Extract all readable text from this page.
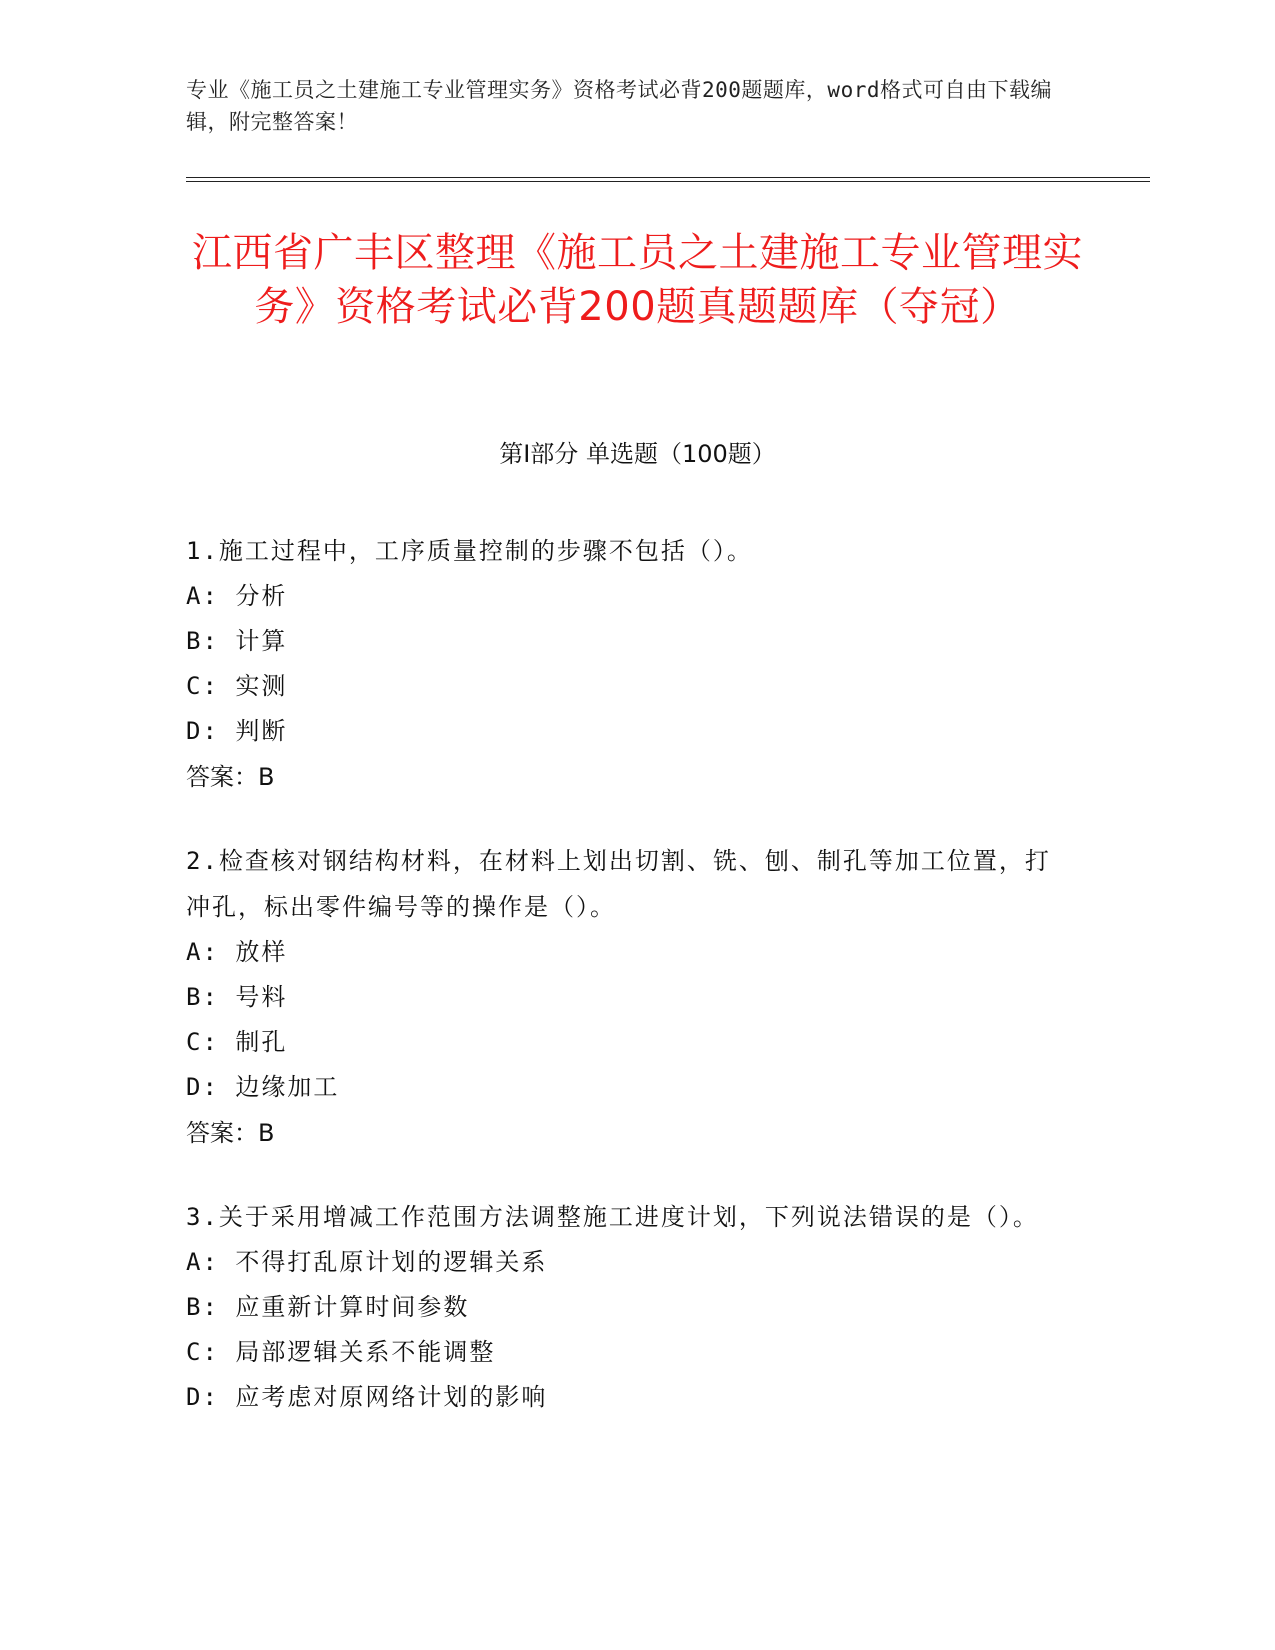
专业《施工员之土建施工专业管理实务》资格考试必背200题题库，word格式可自由下载编辑，附完整答案！
江西省广丰区整理《施工员之土建施工专业管理实务》资格考试必背200题真题题库（夺冠）
第Ⅰ部分 单选题（100题）
1.施工过程中，工序质量控制的步骤不包括（）。
A: 分析
B: 计算
C: 实测
D: 判断
答案：B
2.检查核对钢结构材料，在材料上划出切割、铣、刨、制孔等加工位置，打冲孔，标出零件编号等的操作是（）。
A: 放样
B: 号料
C: 制孔
D: 边缘加工
答案：B
3.关于采用增减工作范围方法调整施工进度计划，下列说法错误的是（）。
A: 不得打乱原计划的逻辑关系
B: 应重新计算时间参数
C: 局部逻辑关系不能调整
D: 应考虑对原网络计划的影响
